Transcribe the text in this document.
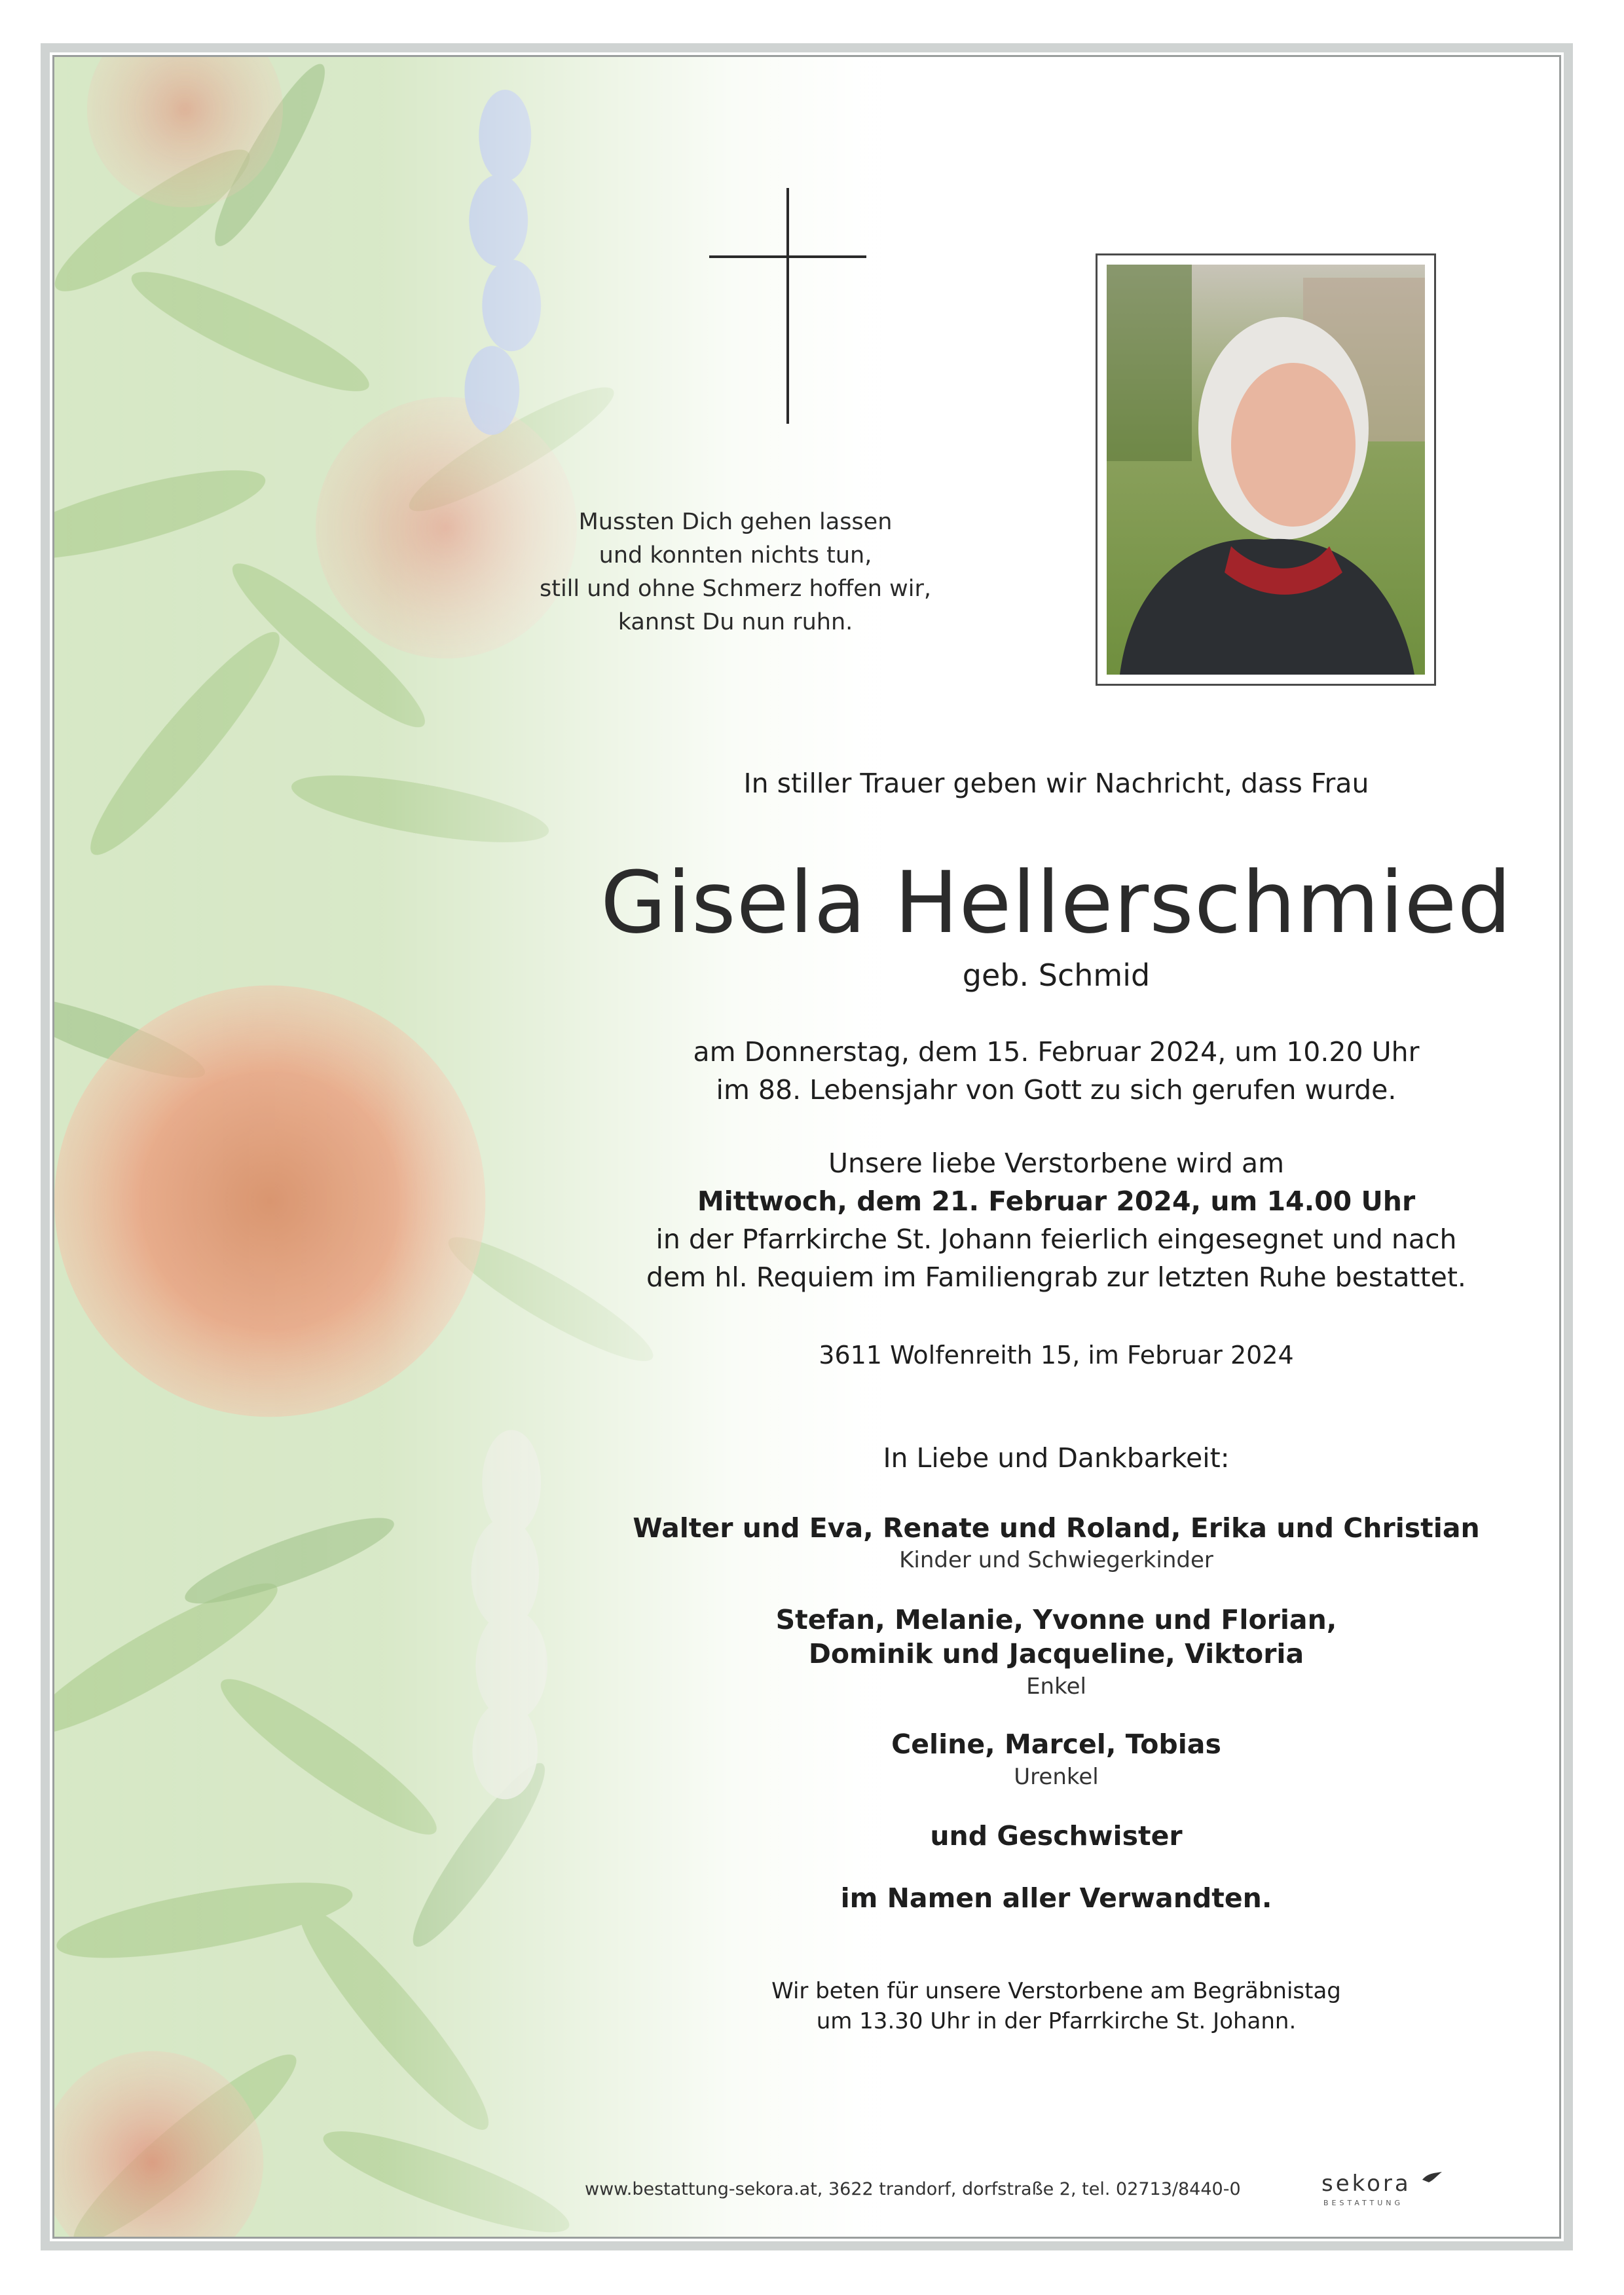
Mussten Dich gehen lassen
und konnten nichts tun,
still und ohne Schmerz hoffen wir,
kannst Du nun ruhn.
In stiller Trauer geben wir Nachricht, dass Frau
Gisela Hellerschmied
geb. Schmid
am Donnerstag, dem 15. Februar 2024, um 10.20 Uhr
im 88. Lebensjahr von Gott zu sich gerufen wurde.
Unsere liebe Verstorbene wird am
Mittwoch, dem 21. Februar 2024, um 14.00 Uhr
in der Pfarrkirche St. Johann feierlich eingesegnet und nach
dem hl. Requiem im Familiengrab zur letzten Ruhe bestattet.
3611 Wolfenreith 15, im Februar 2024
In Liebe und Dankbarkeit:
Walter und Eva, Renate und Roland, Erika und Christian
Kinder und Schwiegerkinder
Stefan, Melanie, Yvonne und Florian,
Dominik und Jacqueline, Viktoria
Enkel
Celine, Marcel, Tobias
Urenkel
und Geschwister
im Namen aller Verwandten.
Wir beten für unsere Verstorbene am Begräbnistag
um 13.30 Uhr in der Pfarrkirche St. Johann.
www.bestattung-sekora.at, 3622 trandorf, dorfstraße 2, tel. 02713/8440-0	sekora
BESTATTUNG
